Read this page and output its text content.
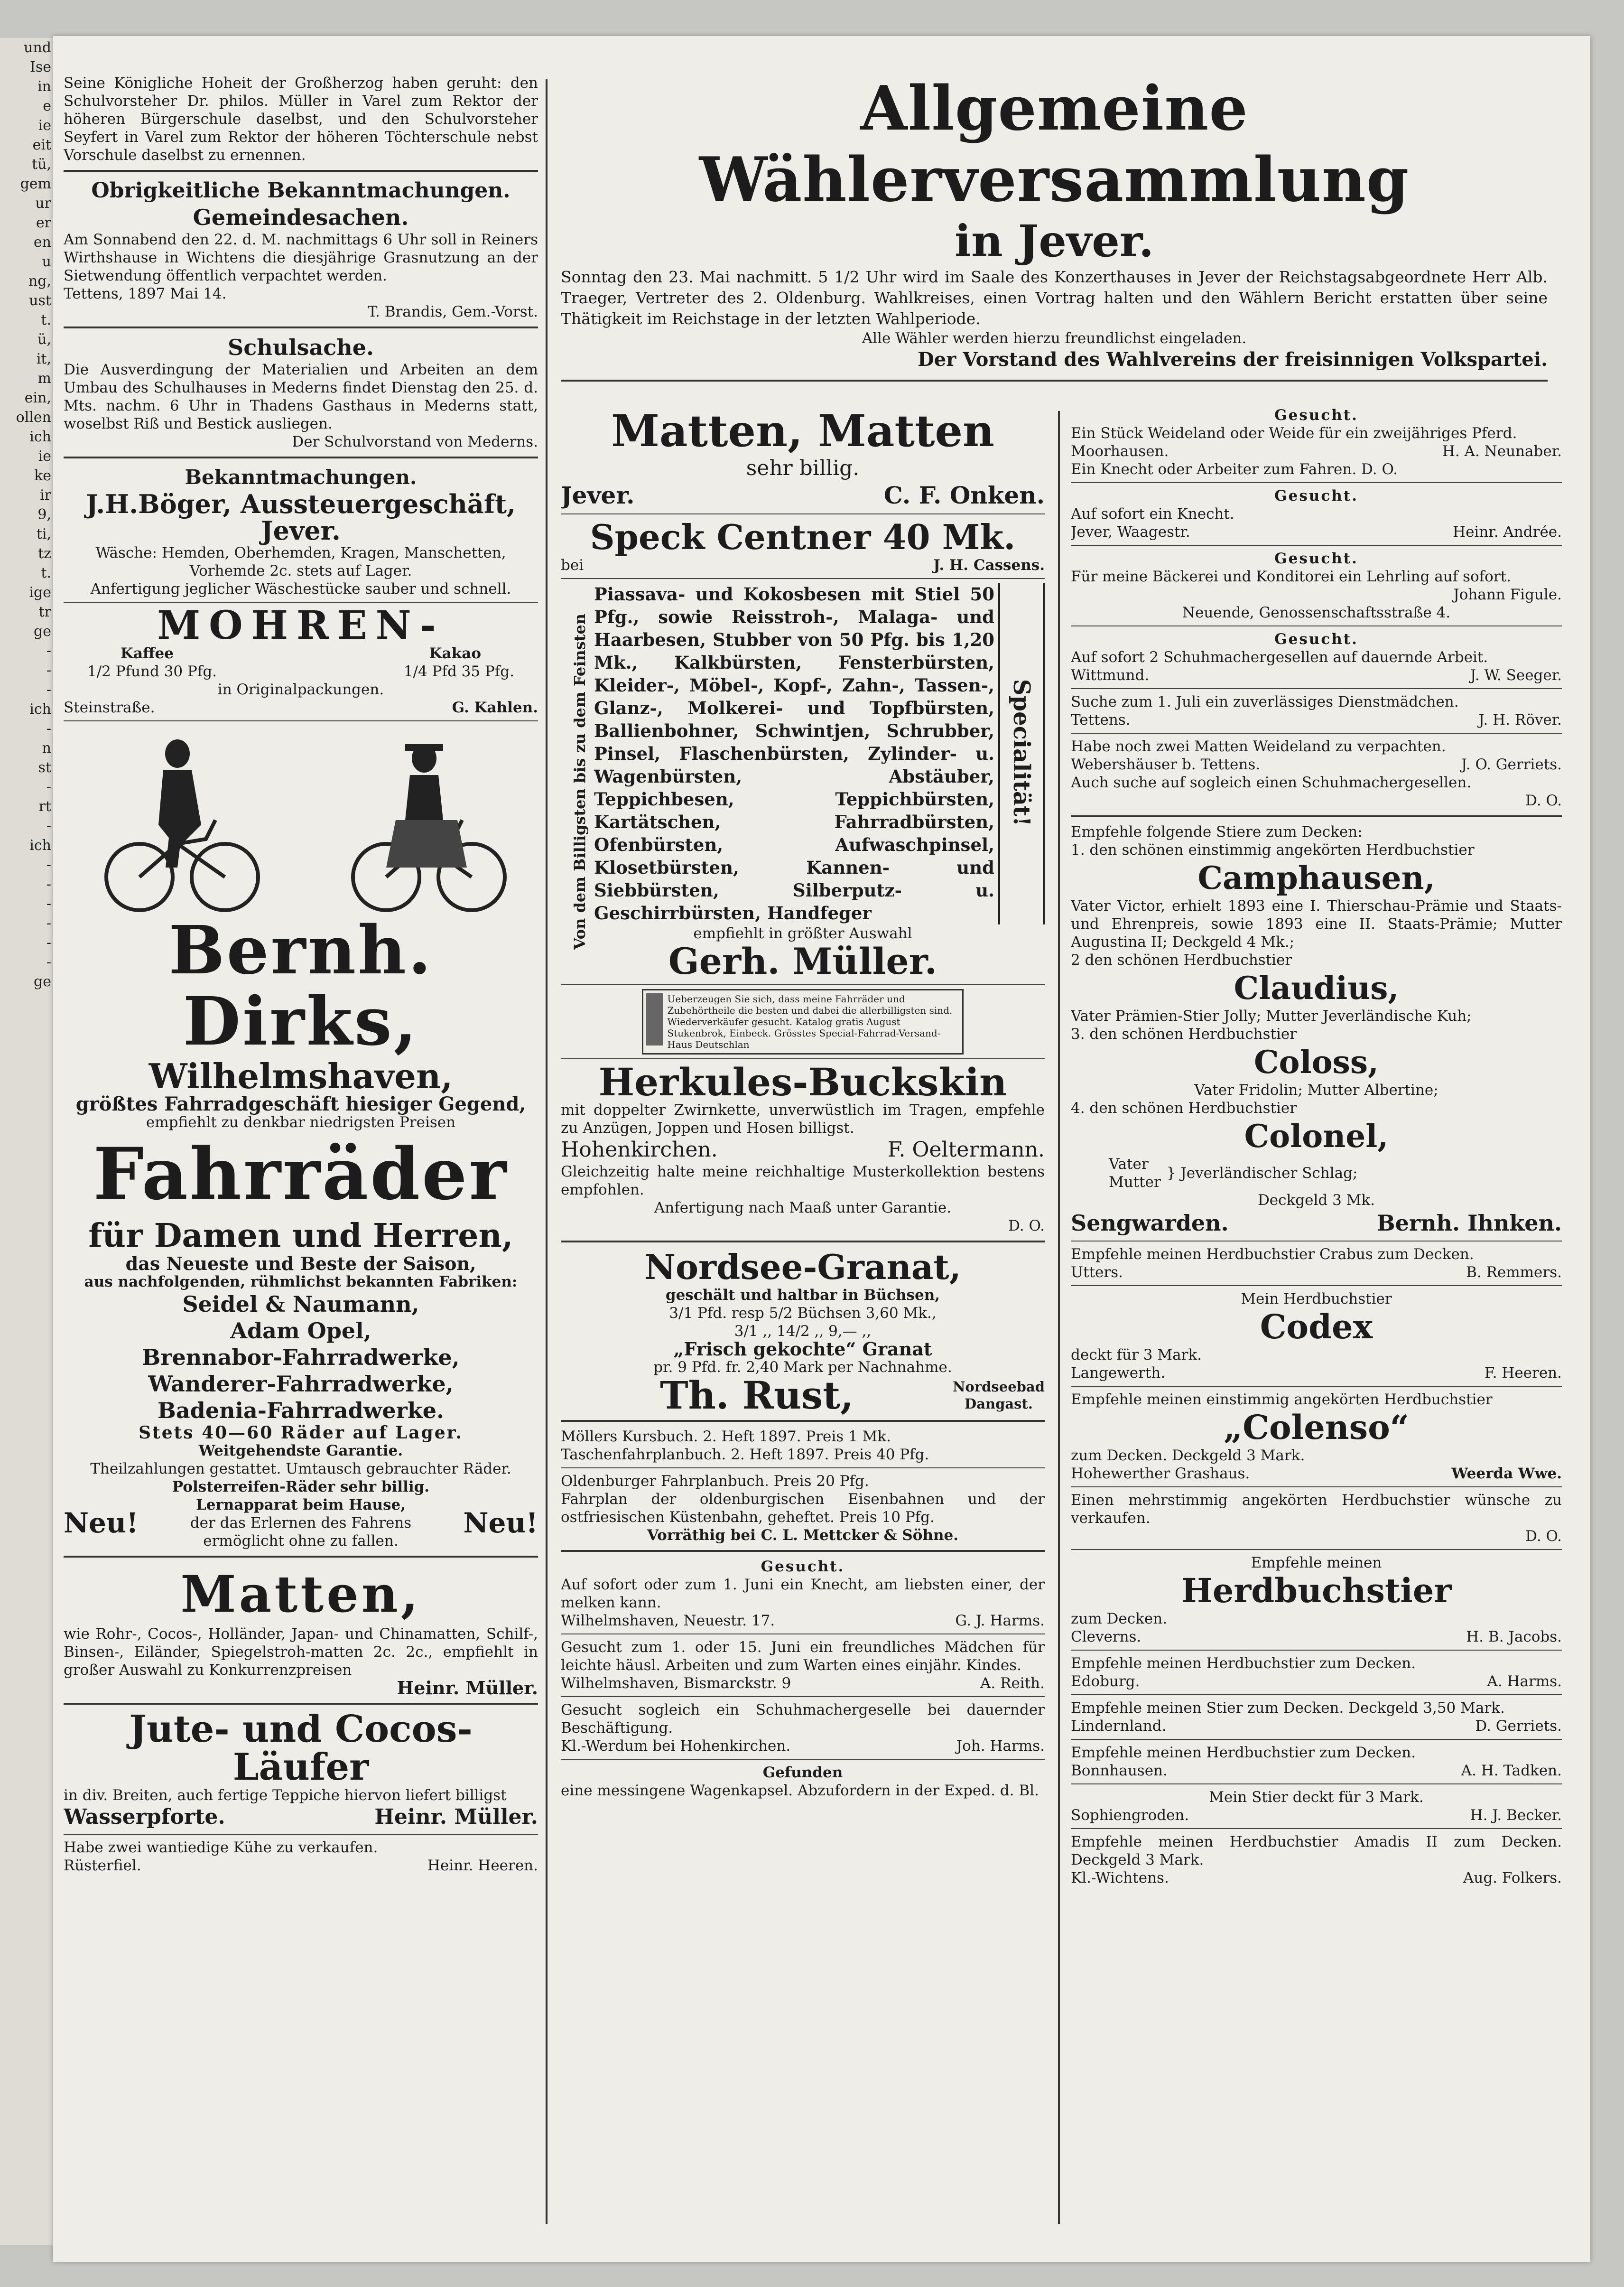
und
Ise
in
e
ie
eit
tü,
gem
ur
er
en
u
ng,
ust
t.
ü,
it,
m
ein,
ollen
ich
ie
ke
ir
9,
ti,
tz
t.
ige
tr
ge
-
-
-
ich
-
n
st
-
rt
-
ich
-
-
-
-
-
-
ge

Seine Königliche Hoheit der Großherzog haben geruht: den Schulvorsteher Dr. philos. Müller in Varel zum Rektor der höheren Bürgerschule daselbst, und den Schulvorsteher Seyfert in Varel zum Rektor der höheren Töchterschule nebst Vorschule daselbst zu ernennen.

Obrigkeitliche Bekanntmachungen.

Gemeindesachen.

Am Sonnabend den 22. d. M. nachmittags 6 Uhr soll in Reiners Wirthshause in Wichtens die diesjährige Grasnutzung an der Sietwendung öffentlich verpachtet werden.

Tettens, 1897 Mai 14.

T. Brandis, Gem.-Vorst.

Schulsache.

Die Ausverdingung der Materialien und Arbeiten an dem Umbau des Schulhauses in Mederns findet Dienstag den 25. d. Mts. nachm. 6 Uhr in Thadens Gasthaus in Mederns statt, woselbst Riß und Bestick ausliegen.

Der Schulvorstand von Mederns.

Bekanntmachungen.

J.H.Böger, Aussteuergeschäft, Jever.

Wäsche: Hemden, Oberhemden, Kragen, Manschetten, Vorhemde 2c. stets auf Lager.

Anfertigung jeglicher Wäschestücke sauber und schnell.

MOHREN-

Kaffee	Kakao
1/2 Pfund 30 Pfg.	1/4 Pfd 35 Pfg.

in Originalpackungen.

Steinstraße.	G. Kahlen.

Bernh. Dirks,

Wilhelmshaven,

größtes Fahrradgeschäft hiesiger Gegend,

empfiehlt zu denkbar niedrigsten Preisen

Fahrräder

für Damen und Herren,

das Neueste und Beste der Saison,

aus nachfolgenden, rühmlichst bekannten Fabriken:

Seidel & Naumann,

Adam Opel,

Brennabor-Fahrradwerke,

Wanderer-Fahrradwerke,

Badenia-Fahrradwerke.

Stets 40—60 Räder auf Lager.

Weitgehendste Garantie.

Theilzahlungen gestattet. Umtausch gebrauchter Räder.

Polsterreifen-Räder sehr billig.

Neu!

Lernapparat beim Hause,

der das Erlernen des Fahrens

ermöglicht ohne zu fallen.

Neu!

Matten,

wie Rohr-, Cocos-, Holländer, Japan- und Chinamatten, Schilf-, Binsen-, Eiländer, Spiegelstroh-matten 2c. 2c., empfiehlt in großer Auswahl zu Konkurrenzpreisen

Heinr. Müller.

Jute- und Cocos-Läufer

in div. Breiten, auch fertige Teppiche hiervon liefert billigst

Wasserpforte.	Heinr. Müller.

Habe zwei wantiedige Kühe zu verkaufen.

Rüsterfiel.	Heinr. Heeren.

Allgemeine Wählerversammlung

in Jever.

Sonntag den 23. Mai nachmitt. 5 1/2 Uhr wird im Saale des Konzerthauses in Jever der Reichstagsabgeordnete Herr Alb. Traeger, Vertreter des 2. Oldenburg. Wahlkreises, einen Vortrag halten und den Wählern Bericht erstatten über seine Thätigkeit im Reichstage in der letzten Wahlperiode.

Alle Wähler werden hierzu freundlichst eingeladen.

Der Vorstand des Wahlvereins der freisinnigen Volkspartei.

Matten, Matten

sehr billig.

Jever.	C. F. Onken.

Speck Centner 40 Mk.

bei	J. H. Cassens.
Von dem Billigsten bis zu dem Feinsten

Piassava- und Kokosbesen mit Stiel 50 Pfg., sowie Reisstroh-, Malaga- und Haarbesen, Stubber von 50 Pfg. bis 1,20 Mk., Kalkbürsten, Fensterbürsten, Kleider-, Möbel-, Kopf-, Zahn-, Tassen-, Glanz-, Molkerei- und Topfbürsten, Ballienbohner, Schwintjen, Schrubber, Pinsel, Flaschenbürsten, Zylinder- u. Wagenbürsten, Abstäuber, Teppichbesen, Teppichbürsten, Kartätschen, Fahrradbürsten, Ofenbürsten, Aufwaschpinsel, Klosetbürsten, Kannen- und Siebbürsten, Silberputz- u. Geschirrbürsten, Handfeger

Specialität!

empfiehlt in größter Auswahl

Gerh. Müller.

Ueberzeugen Sie sich, dass meine Fahrräder und Zubehörtheile die besten und dabei die allerbilligsten sind. Wiederverkäufer gesucht. Katalog gratis August Stukenbrok, Einbeck. Grösstes Special-Fahrrad-Versand-Haus Deutschlan

Herkules-Buckskin

mit doppelter Zwirnkette, unverwüstlich im Tragen, empfehle zu Anzügen, Joppen und Hosen billigst.

Hohenkirchen.	F. Oeltermann.

Gleichzeitig halte meine reichhaltige Musterkollektion bestens empfohlen.

Anfertigung nach Maaß unter Garantie.

D. O.

Nordsee-Granat,

geschält und haltbar in Büchsen,

3/1 Pfd. resp 5/2 Büchsen 3,60 Mk.,

3/1 ,, 14/2 ,, 9,— ,,

„Frisch gekochte“ Granat

pr. 9 Pfd. fr. 2,40 Mark per Nachnahme.

Th. Rust,	Nordseebad
Dangast.

Möllers Kursbuch. 2. Heft 1897. Preis 1 Mk.

Taschenfahrplanbuch. 2. Heft 1897. Preis 40 Pfg.

Oldenburger Fahrplanbuch. Preis 20 Pfg.

Fahrplan der oldenburgischen Eisenbahnen und der ostfriesischen Küstenbahn, geheftet. Preis 10 Pfg.

Vorräthig bei C. L. Mettcker & Söhne.

Gesucht.

Auf sofort oder zum 1. Juni ein Knecht, am liebsten einer, der melken kann.

Wilhelmshaven, Neuestr. 17.	G. J. Harms.

Gesucht zum 1. oder 15. Juni ein freundliches Mädchen für leichte häusl. Arbeiten und zum Warten eines einjähr. Kindes.

Wilhelmshaven, Bismarckstr. 9	A. Reith.

Gesucht sogleich ein Schuhmachergeselle bei dauernder Beschäftigung.

Kl.-Werdum bei Hohenkirchen.	Joh. Harms.

Gefunden

eine messingene Wagenkapsel. Abzufordern in der Exped. d. Bl.

Gesucht.

Ein Stück Weideland oder Weide für ein zweijähriges Pferd.

Moorhausen.	H. A. Neunaber.

Ein Knecht oder Arbeiter zum Fahren. D. O.

Gesucht.

Auf sofort ein Knecht.

Jever, Waagestr.	Heinr. Andrée.

Gesucht.

Für meine Bäckerei und Konditorei ein Lehrling auf sofort.

Johann Figule.

Neuende, Genossenschaftsstraße 4.

Gesucht.

Auf sofort 2 Schuhmachergesellen auf dauernde Arbeit.

Wittmund.	J. W. Seeger.

Suche zum 1. Juli ein zuverlässiges Dienstmädchen.

Tettens.	J. H. Röver.

Habe noch zwei Matten Weideland zu verpachten.

Webershäuser b. Tettens.	J. O. Gerriets.

Auch suche auf sogleich einen Schuhmachergesellen.

D. O.

Empfehle folgende Stiere zum Decken:

1. den schönen einstimmig angekörten Herdbuchstier

Camphausen,

Vater Victor, erhielt 1893 eine I. Thierschau-Prämie und Staats- und Ehrenpreis, sowie 1893 eine II. Staats-Prämie; Mutter Augustina II; Deckgeld 4 Mk.;

2 den schönen Herdbuchstier

Claudius,

Vater Prämien-Stier Jolly; Mutter Jeverländische Kuh;

3. den schönen Herdbuchstier

Coloss,

Vater Fridolin; Mutter Albertine;

4. den schönen Herdbuchstier

Colonel,

Vater
Mutter
} Jeverländischer Schlag;

Deckgeld 3 Mk.

Sengwarden.	Bernh. Ihnken.

Empfehle meinen Herdbuchstier Crabus zum Decken.

Utters.	B. Remmers.

Mein Herdbuchstier

Codex

deckt für 3 Mark.

Langewerth.	F. Heeren.

Empfehle meinen einstimmig angekörten Herdbuchstier

„Colenso“

zum Decken. Deckgeld 3 Mark.

Hohewerther Grashaus.	Weerda Wwe.

Einen mehrstimmig angekörten Herdbuchstier wünsche zu verkaufen.

D. O.

Empfehle meinen

Herdbuchstier

zum Decken.

Cleverns.	H. B. Jacobs.

Empfehle meinen Herdbuchstier zum Decken.

Edoburg.	A. Harms.

Empfehle meinen Stier zum Decken. Deckgeld 3,50 Mark.

Lindernland.	D. Gerriets.

Empfehle meinen Herdbuchstier zum Decken.

Bonnhausen.	A. H. Tadken.

Mein Stier deckt für 3 Mark.

Sophiengroden.	H. J. Becker.

Empfehle meinen Herdbuchstier Amadis II zum Decken. Deckgeld 3 Mark.

Kl.-Wichtens.	Aug. Folkers.
